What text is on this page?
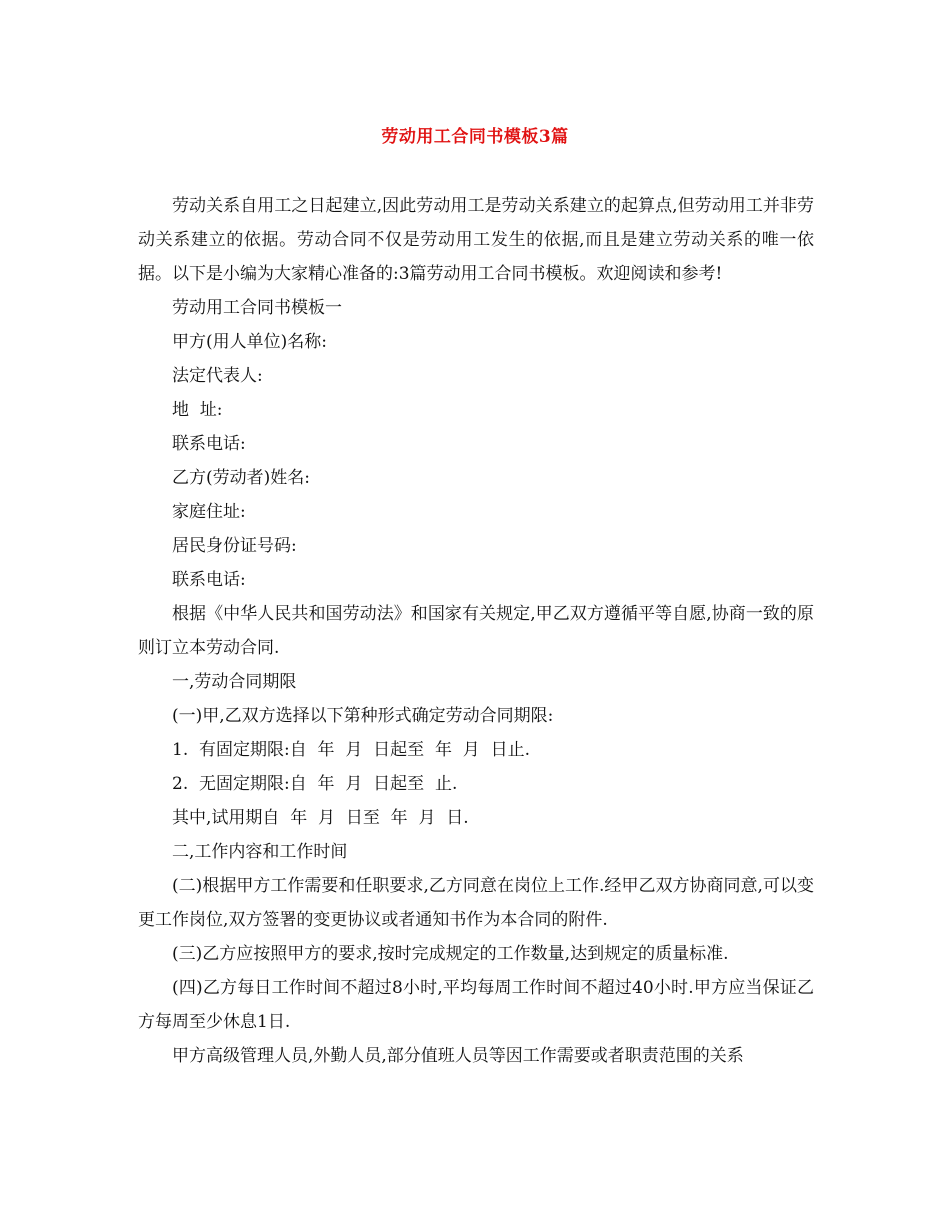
劳动用工合同书模板3篇

劳动关系自用工之日起建立,因此劳动用工是劳动关系建立的起算点,但劳动用工并非劳动关系建立的依据。劳动合同不仅是劳动用工发生的依据,而且是建立劳动关系的唯一依据。以下是小编为大家精心准备的:3篇劳动用工合同书模板。欢迎阅读和参考!

劳动用工合同书模板一

甲方(用人单位)名称:

法定代表人:

地  址:

联系电话:

乙方(劳动者)姓名:

家庭住址:

居民身份证号码:

联系电话:

根据《中华人民共和国劳动法》和国家有关规定,甲乙双方遵循平等自愿,协商一致的原则订立本劳动合同.

一,劳动合同期限

(一)甲,乙双方选择以下第种形式确定劳动合同期限:

1.  有固定期限:自  年  月  日起至  年  月  日止.

2.  无固定期限:自  年  月  日起至  止.

其中,试用期自  年  月  日至  年  月  日.

二,工作内容和工作时间

(二)根据甲方工作需要和任职要求,乙方同意在岗位上工作.经甲乙双方协商同意,可以变更工作岗位,双方签署的变更协议或者通知书作为本合同的附件.

(三)乙方应按照甲方的要求,按时完成规定的工作数量,达到规定的质量标准.

(四)乙方每日工作时间不超过8小时,平均每周工作时间不超过40小时.甲方应当保证乙方每周至少休息1日.

甲方高级管理人员,外勤人员,部分值班人员等因工作需要或者职责范围的关系
